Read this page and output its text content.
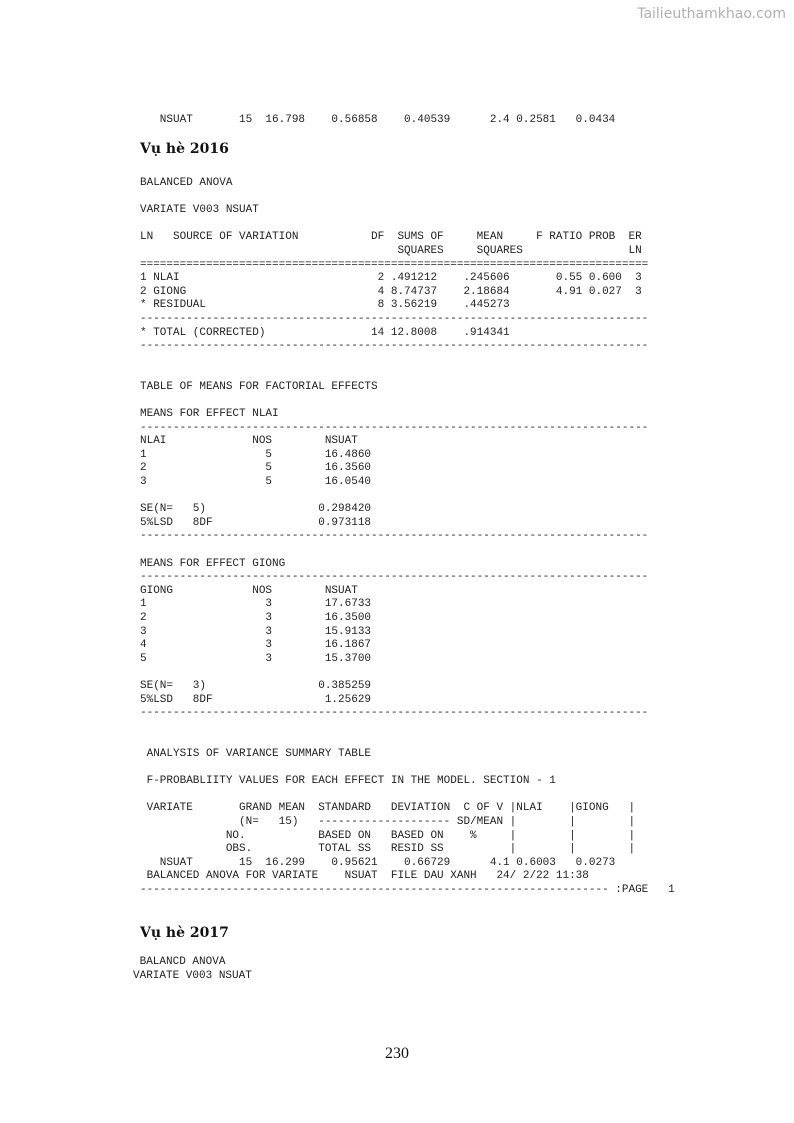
Tailieuthamkhao.com
NSUAT       15  16.798    0.56858    0.40539      2.4 0.2581   0.0434
Vụ hè 2016
BALANCED ANOVA

VARIATE V003 NSUAT

LN   SOURCE OF VARIATION           DF  SUMS OF     MEAN     F RATIO PROB  ER
SQUARES     SQUARES                LN
=============================================================================
1 NLAI                              2 .491212    .245606       0.55 0.600  3
2 GIONG                             4 8.74737    2.18684       4.91 0.027  3
* RESIDUAL                          8 3.56219    .445273
-----------------------------------------------------------------------------
* TOTAL (CORRECTED)                14 12.8008    .914341
-----------------------------------------------------------------------------

TABLE OF MEANS FOR FACTORIAL EFFECTS

MEANS FOR EFFECT NLAI
-----------------------------------------------------------------------------
NLAI             NOS        NSUAT
1                  5        16.4860
2                  5        16.3560
3                  5        16.0540

SE(N=   5)                 0.298420
5%LSD   8DF                0.973118
-----------------------------------------------------------------------------

MEANS FOR EFFECT GIONG
-----------------------------------------------------------------------------
GIONG            NOS        NSUAT
1                  3        17.6733
2                  3        16.3500
3                  3        15.9133
4                  3        16.1867
5                  3        15.3700

SE(N=   3)                 0.385259
5%LSD   8DF                 1.25629
-----------------------------------------------------------------------------

ANALYSIS OF VARIANCE SUMMARY TABLE

F-PROBABLIITY VALUES FOR EACH EFFECT IN THE MODEL. SECTION - 1

VARIATE       GRAND MEAN  STANDARD   DEVIATION  C OF V |NLAI    |GIONG   |
(N=   15)   -------------------- SD/MEAN |        |        |
NO.           BASED ON   BASED ON    %     |        |        |
OBS.          TOTAL SS   RESID SS          |        |        |
NSUAT       15  16.299    0.95621    0.66729      4.1 0.6003   0.0273
BALANCED ANOVA FOR VARIATE    NSUAT  FILE DAU XANH   24/ 2/22 11:38
----------------------------------------------------------------------- :PAGE   1
Vụ hè 2017
BALANCD ANOVA
VARIATE V003 NSUAT
230
